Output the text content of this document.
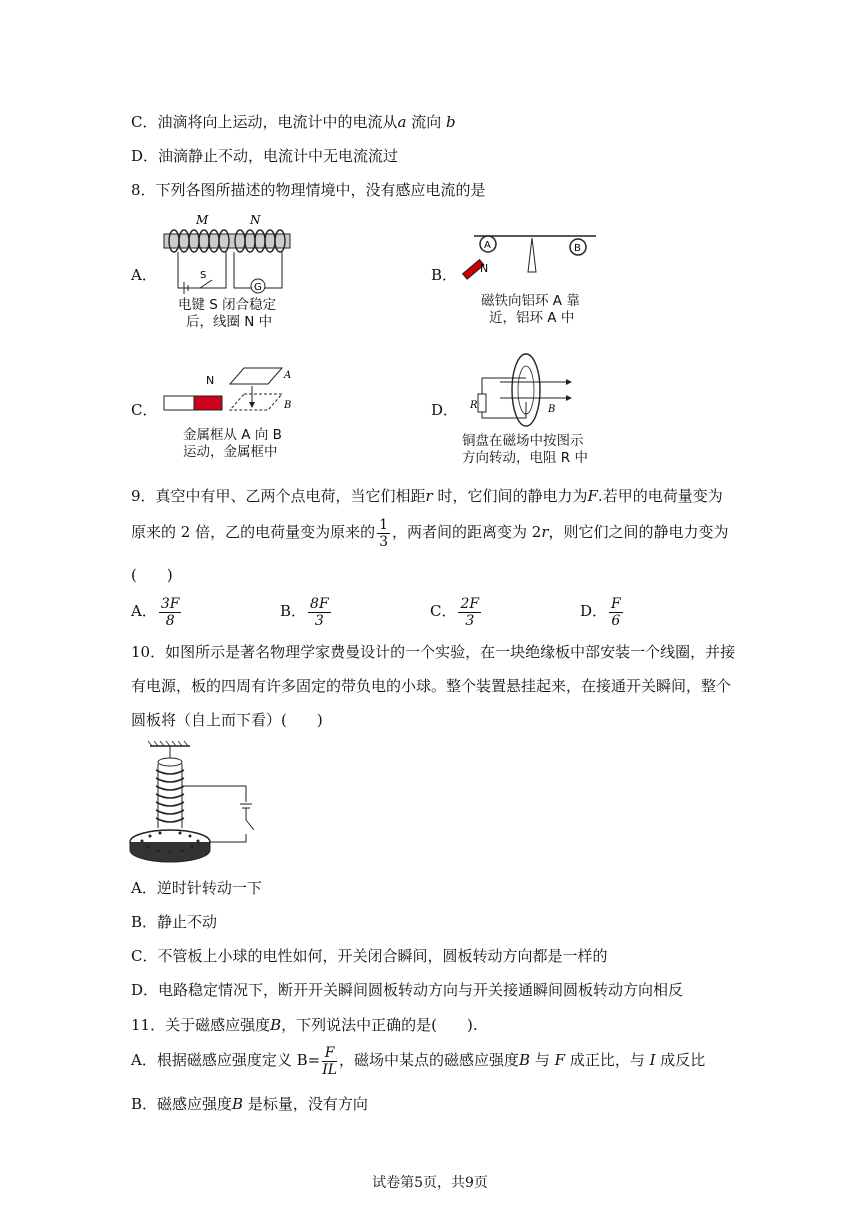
C．油滴将向上运动，电流计中的电流从a 流向 b
D．油滴静止不动，电流计中无电流流过
8．下列各图所描述的物理情境中，没有感应电流的是
A．	B．
C．	D．
M	N
S
G
电键 S 闭合稳定
后，线圈 N 中
A	B
N
磁铁向铝环 A 靠
近，铝环 A 中
N	A
B
金属框从 A 向 B
运动，金属框中
R	B
铜盘在磁场中按图示
方向转动，电阻 R 中
9．真空中有甲、乙两个点电荷，当它们相距r 时，它们间的静电力为F.若甲的电荷量变为
原来的 2 倍，乙的电荷量变为原来的 $\frac{1}{3}$ ，两者间的距离变为 2r，则它们之间的静电力变为
(　　)
A． $\frac{3F}{8}$	B． $\frac{8F}{3}$	C． $\frac{2F}{3}$	D． $\frac{F}{6}$
10．如图所示是著名物理学家费曼设计的一个实验，在一块绝缘板中部安装一个线圈，并接
有电源，板的四周有许多固定的带负电的小球。整个装置悬挂起来，在接通开关瞬间，整个
圆板将（自上而下看）(　　)
A．逆时针转动一下
B．静止不动
C．不管板上小球的电性如何，开关闭合瞬间，圆板转动方向都是一样的
D．电路稳定情况下，断开开关瞬间圆板转动方向与开关接通瞬间圆板转动方向相反
11．关于磁感应强度B，下列说法中正确的是(　　).
A．根据磁感应强度定义 $B= \frac{F}{IL}$ ，磁场中某点的磁感应强度B 与 F 成正比，与 I 成反比
B．磁感应强度B 是标量，没有方向
试卷第5页，共9页
